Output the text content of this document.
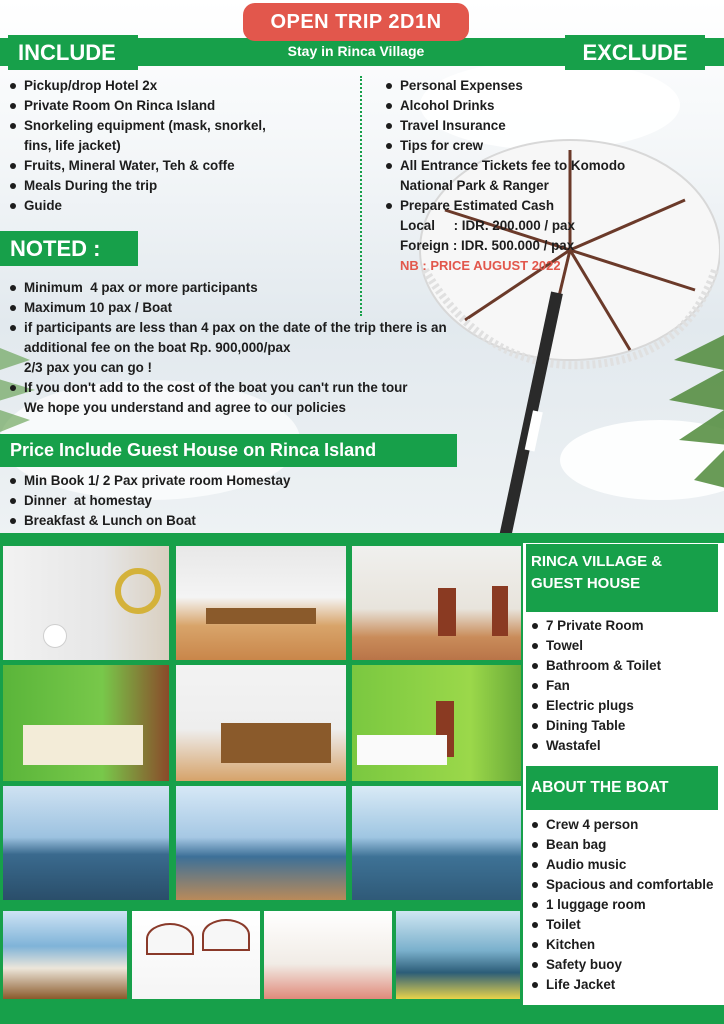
OPEN TRIP 2D1N
Stay in Rinca Village
INCLUDE	EXCLUDE
Pickup/drop Hotel 2x
Private Room On Rinca Island
Snorkeling equipment (mask, snorkel,
fins, life jacket)
Fruits, Mineral Water, Teh & coffe
Meals During the trip
Guide
Personal Expenses
Alcohol Drinks
Travel Insurance
Tips for crew
All Entrance Tickets fee to Komodo
National Park & Ranger
Prepare Estimated Cash
Local     : IDR. 200.000 / pax
Foreign : IDR. 500.000 / pax
NB : PRICE AUGUST 2022
NOTED :
Minimum  4 pax or more participants
Maximum 10 pax / Boat
if participants are less than 4 pax on the date of the trip there is an
additional fee on the boat Rp. 900,000/pax
2/3 pax you can go !
If you don't add to the cost of the boat you can't run the tour
We hope you understand and agree to our policies
Price Include Guest House on Rinca Island
Min Book 1/ 2 Pax private room Homestay
Dinner  at homestay
Breakfast & Lunch on Boat
RINCA VILLAGE &
GUEST HOUSE
7 Private Room
Towel
Bathroom & Toilet
Fan
Electric plugs
Dining Table
Wastafel
ABOUT THE BOAT
Crew 4 person
Bean bag
Audio music
Spacious and comfortable
1 luggage room
Toilet
Kitchen
Safety buoy
Life Jacket
